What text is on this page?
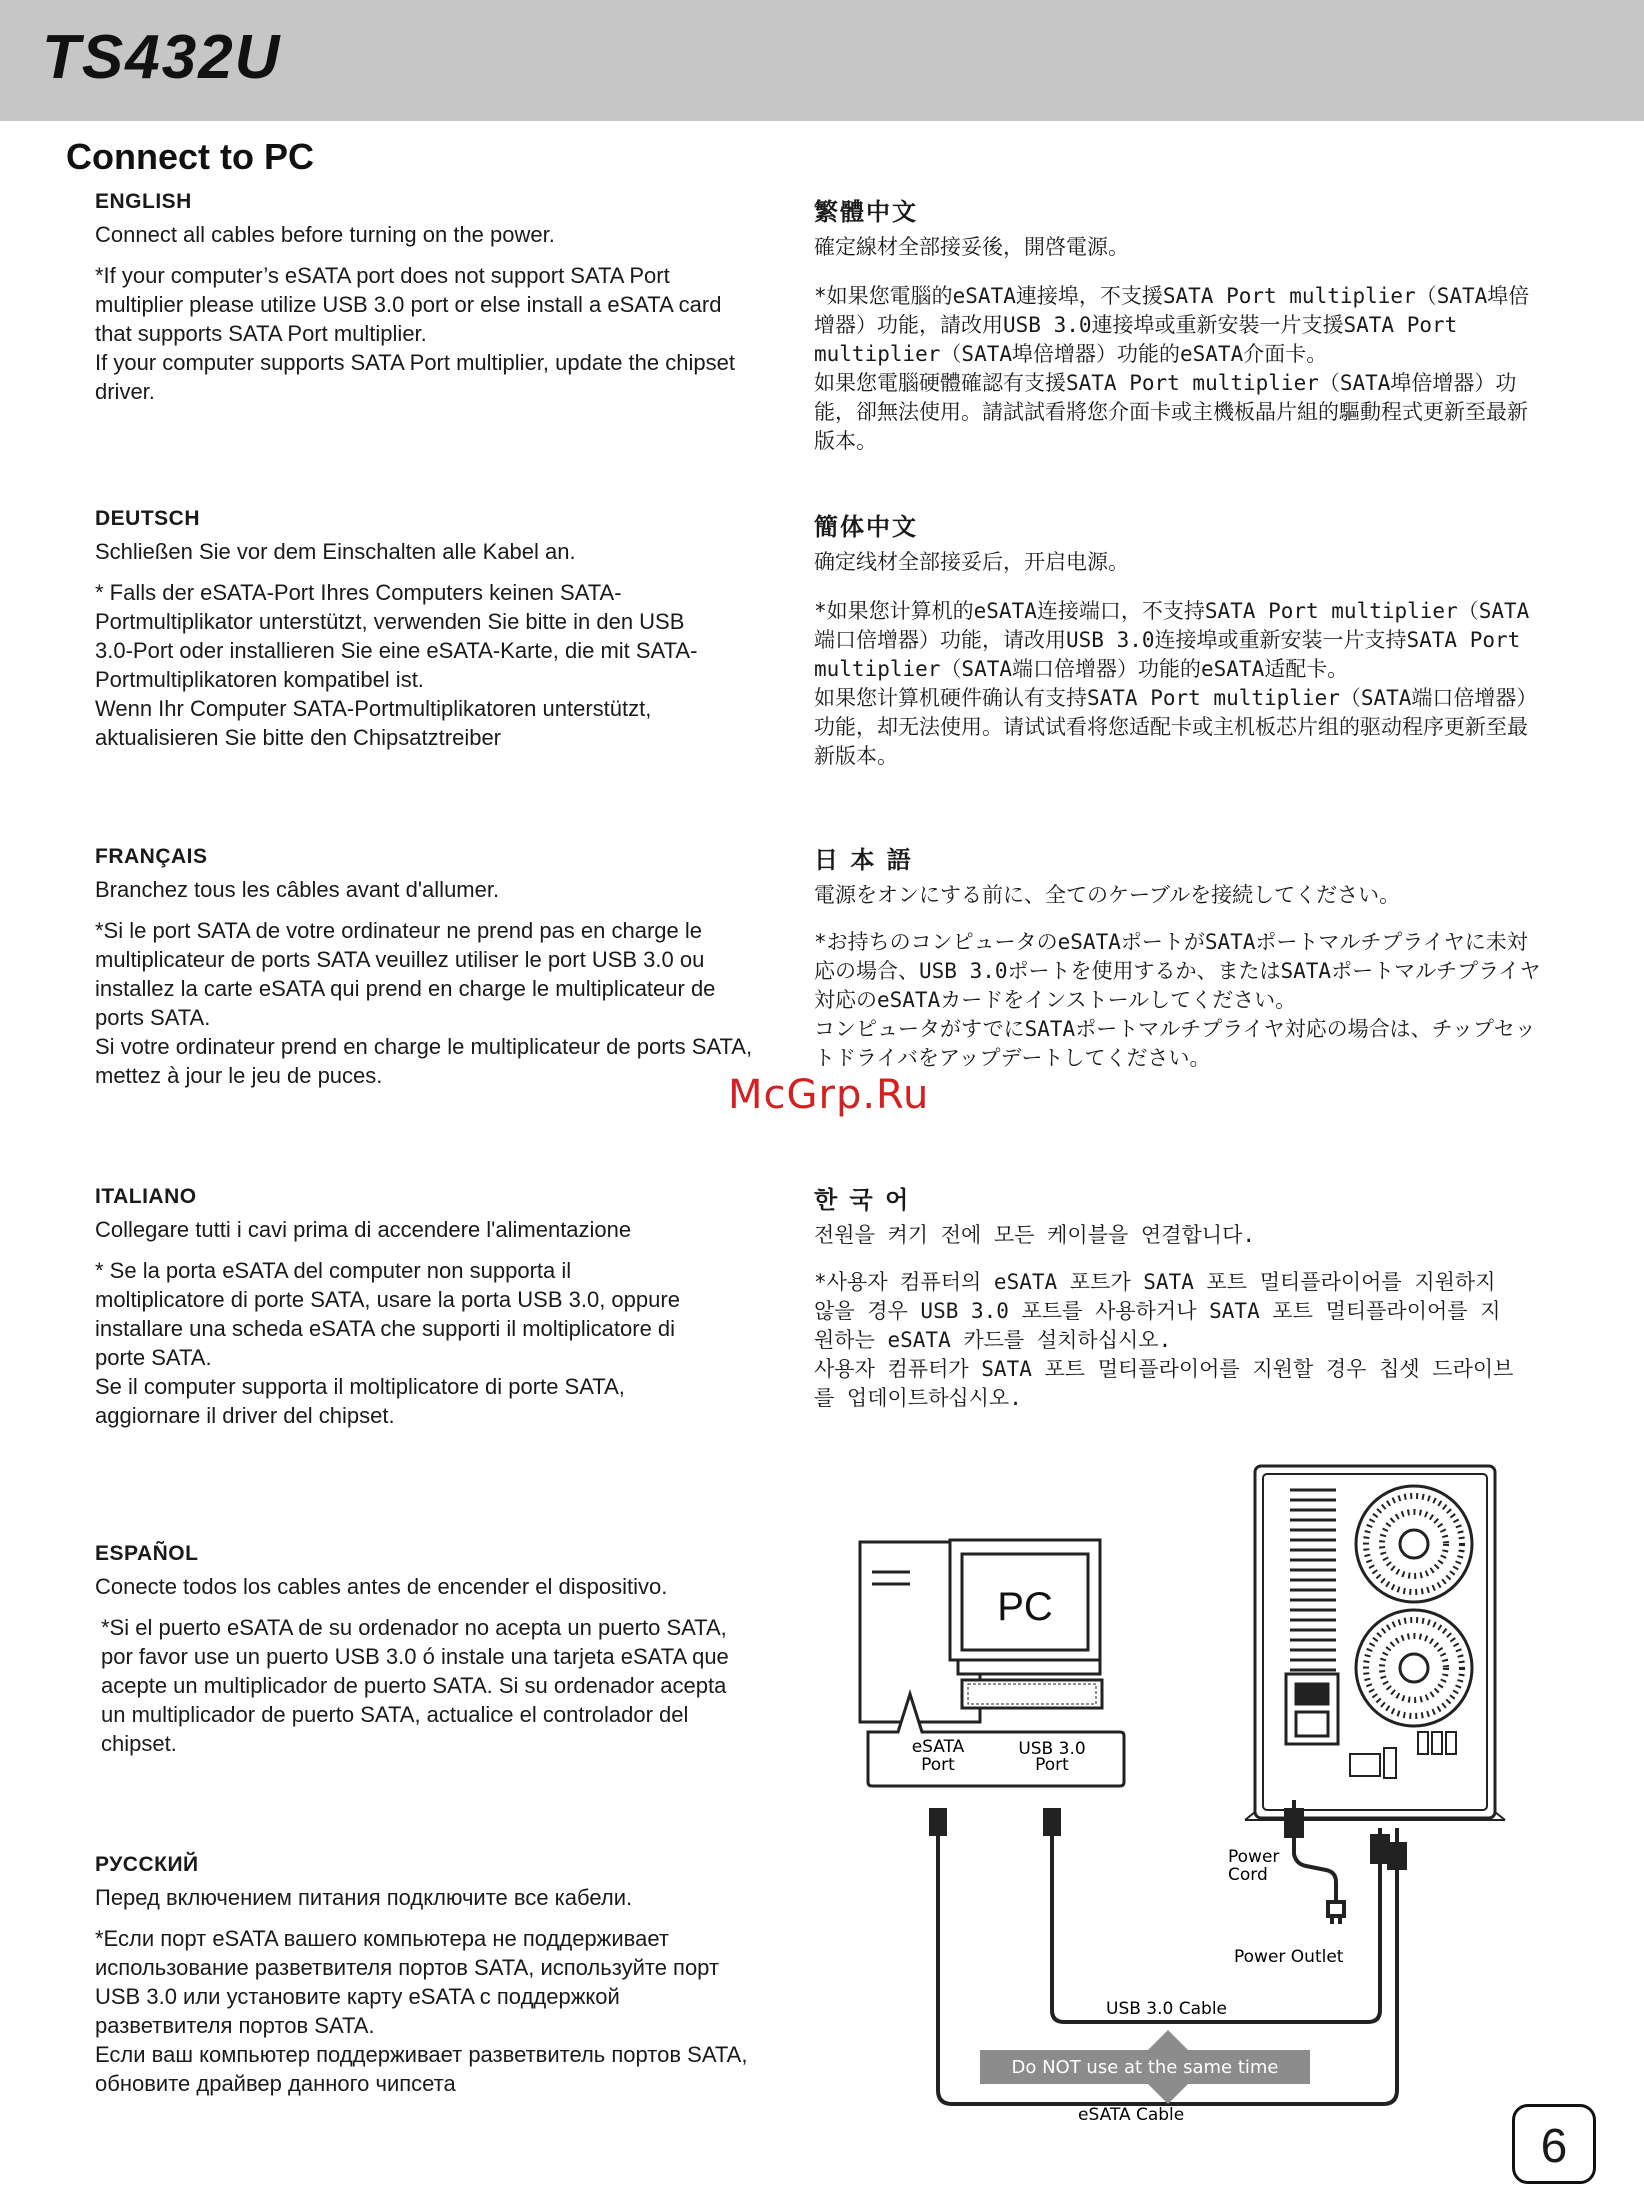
TS432U
Connect to PC
ENGLISH

Connect all cables before turning on the power.

*If your computer’s eSATA port does not support SATA Port multiplier please utilize USB 3.0 port or else install a eSATA card that supports SATA Port multiplier.
If your computer supports SATA Port multiplier, update the chipset driver.

DEUTSCH

Schließen Sie vor dem Einschalten alle Kabel an.

* Falls der eSATA-Port Ihres Computers keinen SATA-Portmultiplikator unterstützt, verwenden Sie bitte in den USB 3.0-Port oder installieren Sie eine eSATA-Karte, die mit SATA-Portmultiplikatoren kompatibel ist.
Wenn Ihr Computer SATA-Portmultiplikatoren unterstützt, aktualisieren Sie bitte den Chipsatztreiber

FRANÇAIS

Branchez tous les câbles avant d'allumer.

*Si le port SATA de votre ordinateur ne prend pas en charge le multiplicateur de ports SATA veuillez utiliser le port USB 3.0 ou installez la carte eSATA qui prend en charge le multiplicateur de ports SATA.
Si votre ordinateur prend en charge le multiplicateur de ports SATA, mettez à jour le jeu de puces.

ITALIANO

Collegare tutti i cavi prima di accendere l'alimentazione

* Se la porta eSATA del computer non supporta il moltiplicatore di porte SATA, usare la porta USB 3.0, oppure installare una scheda eSATA che supporti il moltiplicatore di porte SATA.
Se il computer supporta il moltiplicatore di porte SATA, aggiornare il driver del chipset.

ESPAÑOL

Conecte todos los cables antes de encender el dispositivo.

*Si el puerto eSATA de su ordenador no acepta un puerto SATA, por favor use un puerto USB 3.0 ó instale una tarjeta eSATA que acepte un multiplicador de puerto SATA. Si su ordenador acepta un multiplicador de puerto SATA, actualice el controlador del chipset.

РУССКИЙ

Перед включением питания подключите все кабели.

*Если порт eSATA вашего компьютера не поддерживает использование разветвителя портов SATA, используйте порт USB 3.0 или установите карту eSATA с поддержкой разветвителя портов SATA.
Если ваш компьютер поддерживает разветвитель портов SATA, обновите драйвер данного чипсета

繁體中文

確定線材全部接妥後，開啓電源。

*如果您電腦的eSATA連接埠，不支援SATA Port multiplier（SATA埠倍增器）功能，請改用USB 3.0連接埠或重新安裝一片支援SATA Port multiplier（SATA埠倍增器）功能的eSATA介面卡。
如果您電腦硬體確認有支援SATA Port multiplier（SATA埠倍增器）功能，卻無法使用。請試試看將您介面卡或主機板晶片組的驅動程式更新至最新版本。

簡体中文

确定线材全部接妥后，开启电源。

*如果您计算机的eSATA连接端口，不支持SATA Port multiplier（SATA端口倍增器）功能，请改用USB 3.0连接埠或重新安装一片支持SATA Port multiplier（SATA端口倍增器）功能的eSATA适配卡。
如果您计算机硬件确认有支持SATA Port multiplier（SATA端口倍增器）功能，却无法使用。请试试看将您适配卡或主机板芯片组的驱动程序更新至最新版本。

日 本 語

電源をオンにする前に、全てのケーブルを接続してください。

*お持ちのコンピュータのeSATAポートがSATAポートマルチプライヤに未対応の場合、USB 3.0ポートを使用するか、またはSATAポートマルチプライヤ対応のeSATAカードをインストールしてください。
コンピュータがすでにSATAポートマルチプライヤ対応の場合は、チップセットドライバをアップデートしてください。

한 국 어

전원을 켜기 전에 모든 케이블을 연결합니다.

*사용자 컴퓨터의 eSATA 포트가 SATA 포트 멀티플라이어를 지원하지 않을 경우 USB 3.0 포트를 사용하거나 SATA 포트 멀티플라이어를 지원하는 eSATA 카드를 설치하십시오.
사용자 컴퓨터가 SATA 포트 멀티플라이어를 지원할 경우 칩셋 드라이브를 업데이트하십시오.

McGrp.Ru
PC
eSATA
Port
USB 3.0
Port
Do NOT use at the same time
Power
Cord
Power Outlet
USB 3.0 Cable
eSATA Cable
6
